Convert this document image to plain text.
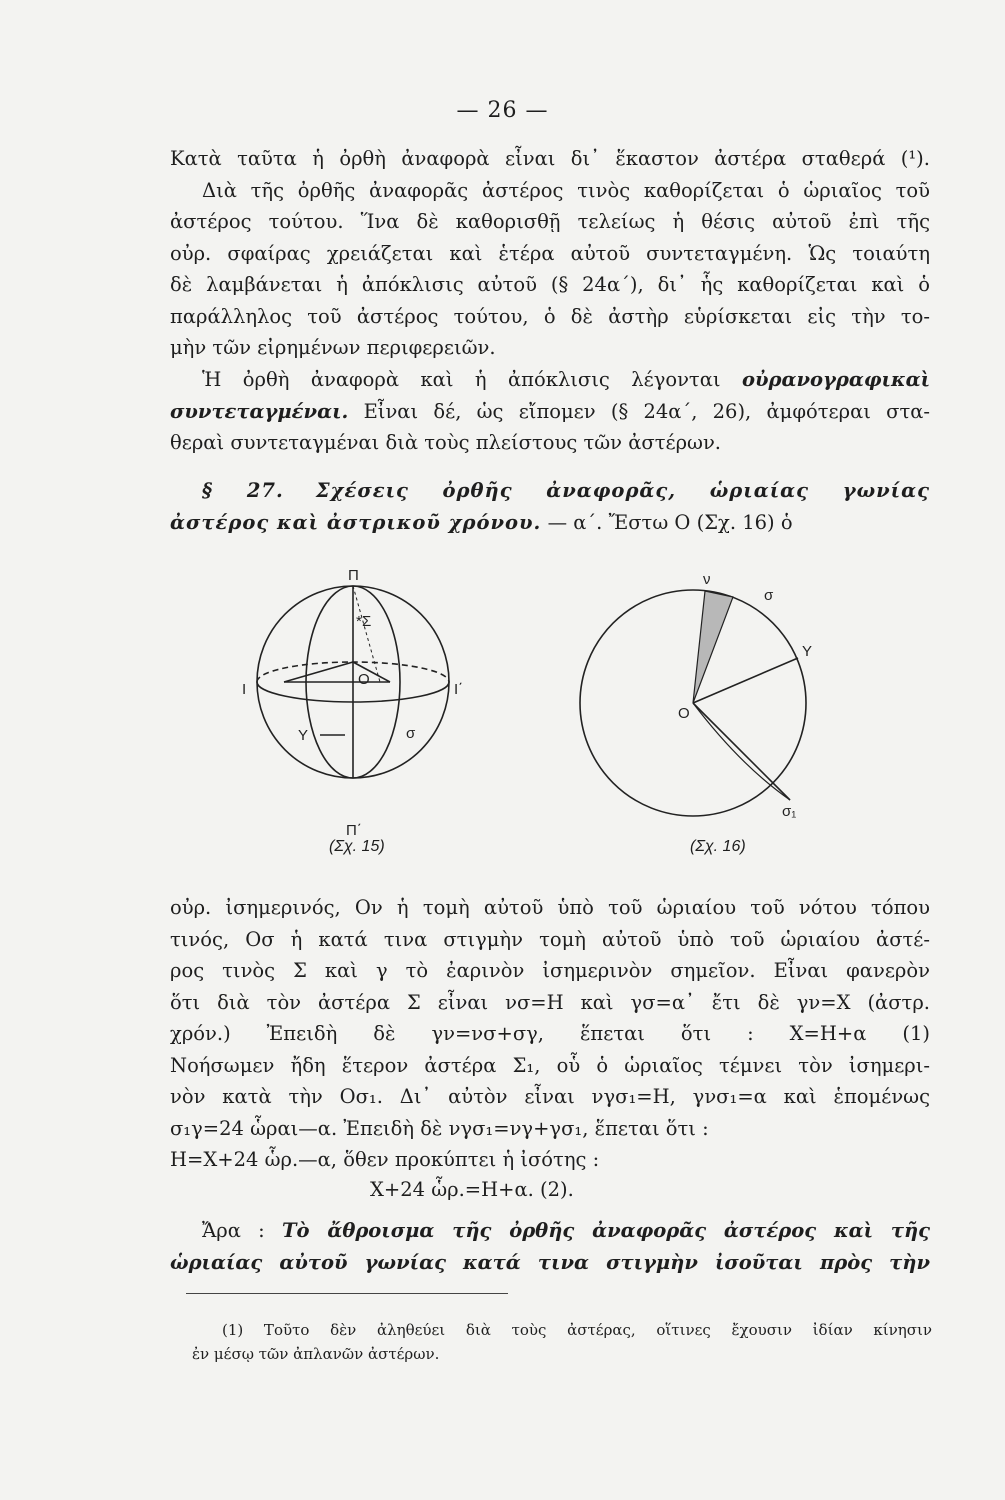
— 26 —
Κατὰ ταῦτα ἡ ὀρθὴ ἀναφορὰ εἶναι δι᾽ ἕκαστον ἀστέρα σταθερά (¹).
Διὰ τῆς ὀρθῆς ἀναφορᾶς ἀστέρος τινὸς καθορίζεται ὁ ὡριαῖος τοῦ
ἀστέρος τούτου. Ἵνα δὲ καθορισθῇ τελείως ἡ θέσις αὐτοῦ ἐπὶ τῆς
οὐρ. σφαίρας χρειάζεται καὶ ἑτέρα αὐτοῦ συντεταγμένη. Ὡς τοιαύτη
δὲ λαμβάνεται ἡ ἀπόκλισις αὐτοῦ (§ 24α΄), δι᾽ ἧς καθορίζεται καὶ ὁ
παράλληλος τοῦ ἀστέρος τούτου, ὁ δὲ ἀστὴρ εὑρίσκεται εἰς τὴν το-
μὴν τῶν εἰρημένων περιφερειῶν.
Ἡ ὀρθὴ ἀναφορὰ καὶ ἡ ἀπόκλισις λέγονται οὐρανογραφικαὶ
συντεταγμέναι. Εἶναι δέ, ὡς εἴπομεν (§ 24α΄, 26), ἀμφότεραι στα-
θεραὶ συντεταγμέναι διὰ τοὺς πλείστους τῶν ἀστέρων.
§ 27. Σχέσεις ὀρθῆς ἀναφορᾶς, ὡριαίας γωνίας
ἀστέρος καὶ ἀστρικοῦ χρόνου. — α΄. Ἔστω Ο (Σχ. 16) ὁ
Π
Σ
*
Ο
Ι	Ι΄
Υ	σ
Π΄
(Σχ. 15)
ν
σ
Υ
Ο
σ₁
(Σχ. 16)
οὐρ. ἰσημερινός, Ον ἡ τομὴ αὐτοῦ ὑπὸ τοῦ ὡριαίου τοῦ νότου τόπου
τινός, Οσ ἡ κατά τινα στιγμὴν τομὴ αὐτοῦ ὑπὸ τοῦ ὡριαίου ἀστέ-
ρος τινὸς Σ καὶ γ τὸ ἐαρινὸν ἰσημερινὸν σημεῖον. Εἶναι φανερὸν
ὅτι διὰ τὸν ἀστέρα Σ εἶναι νσ=Η καὶ γσ=α᾽ ἔτι δὲ γν=Χ (ἀστρ.
χρόν.) Ἐπειδὴ δὲ γν=νσ+σγ, ἕπεται ὅτι : Χ=Η+α (1)
Νοήσωμεν ἤδη ἕτερον ἀστέρα Σ₁, οὗ ὁ ὡριαῖος τέμνει τὸν ἰσημερι-
νὸν κατὰ τὴν Οσ₁. Δι᾽ αὐτὸν εἶναι νγσ₁=Η, γνσ₁=α καὶ ἑπομένως
σ₁γ=24 ὧραι—α. Ἐπειδὴ δὲ νγσ₁=νγ+γσ₁, ἕπεται ὅτι :
Η=Χ+24 ὧρ.—α, ὅθεν προκύπτει ἡ ἰσότης :
Χ+24 ὧρ.=Η+α. (2).
Ἄρα : Τὸ ἄθροισμα τῆς ὀρθῆς ἀναφορᾶς ἀστέρος καὶ τῆς
ὡριαίας αὐτοῦ γωνίας κατά τινα στιγμὴν ἰσοῦται πρὸς τὴν
(1) Τοῦτο δὲν ἀληθεύει διὰ τοὺς ἀστέρας, οἵτινες ἔχουσιν ἰδίαν κίνησιν
ἐν μέσῳ τῶν ἀπλανῶν ἀστέρων.
